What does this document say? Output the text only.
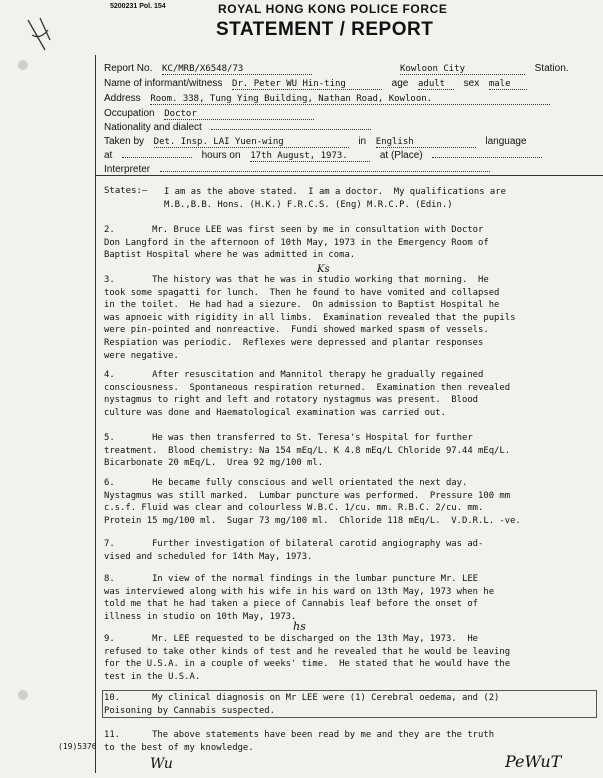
5200231 Pol. 154	ROYAL HONG KONG POLICE FORCE
STATEMENT / REPORT
Report No. KC/MRB/X6548/73	Kowloon City	Station.
Name of informant/witness Dr. Peter WU Hin-ting	age adult sex male
Address Room. 338, Tung Ying Building, Nathan Road, Kowloon.
Occupation Doctor
Nationality and dialect
Taken by Det. Insp. LAI Yuen-wing	in English	language
at	hours on 17th August, 1973.	at (Place)
Interpreter
States:— I am as the above stated.  I am a doctor.  My qualifications are
M.B.,B.B. Hons. (H.K.) F.R.C.S. (Eng) M.R.C.P. (Edin.)
2.       Mr. Bruce LEE was first seen by me in consultation with Doctor
Don Langford in the afternoon of 10th May, 1973 in the Emergency Room of
Baptist Hospital where he was admitted in coma.
3.       The history was that he was in studio working that morning.  He
took some spagatti for lunch.  Then he found to have vomited and collapsed
in the toilet.  He had had a siezure.  On admission to Baptist Hospital he
was apnoeic with rigidity in all limbs.  Examination revealed that the pupils
were pin-pointed and nonreactive.  Fundi showed marked spasm of vessels.
Respiation was periodic.  Reflexes were depressed and plantar responses
were negative.
4.       After resuscitation and Mannitol therapy he gradually regained
consciousness.  Spontaneous respiration returned.  Examination then revealed
nystagmus to right and left and rotatory nystagmus was present.  Blood
culture was done and Haematological examination was carried out.
5.       He was then transferred to St. Teresa's Hospital for further
treatment.  Blood chemistry: Na 154 mEq/L. K 4.8 mEq/L Chloride 97.44 mEq/L.
Bicarbonate 20 mEq/L.  Urea 92 mg/100 ml.
6.       He became fully conscious and well orientated the next day.
Nystagmus was still marked.  Lumbar puncture was performed.  Pressure 100 mm
c.s.f. Fluid was clear and colourless W.B.C. 1/cu. mm. R.B.C. 2/cu. mm.
Protein 15 mg/100 ml.  Sugar 73 mg/100 ml.  Chloride 118 mEq/L.  V.D.R.L. -ve.
7.       Further investigation of bilateral carotid angiography was ad-
vised and scheduled for 14th May, 1973.
8.       In view of the normal findings in the lumbar puncture Mr. LEE
was interviewed along with his wife in his ward on 13th May, 1973 when he
told me that he had taken a piece of Cannabis leaf before the onset of
illness in studio on 10th May, 1973.
9.       Mr. LEE requested to be discharged on the 13th May, 1973.  He
refused to take other kinds of test and he revealed that he would be leaving
for the U.S.A. in a couple of weeks' time.  He stated that he would have the
test in the U.S.A.
10.      My clinical diagnosis on Mr LEE were (1) Cerebral oedema, and (2)
Poisoning by Cannabis suspected.
11.      The above statements have been read by me and they are the truth
to the best of my knowledge.
Ks
hs
(19)5376
Wu	PeWuT
